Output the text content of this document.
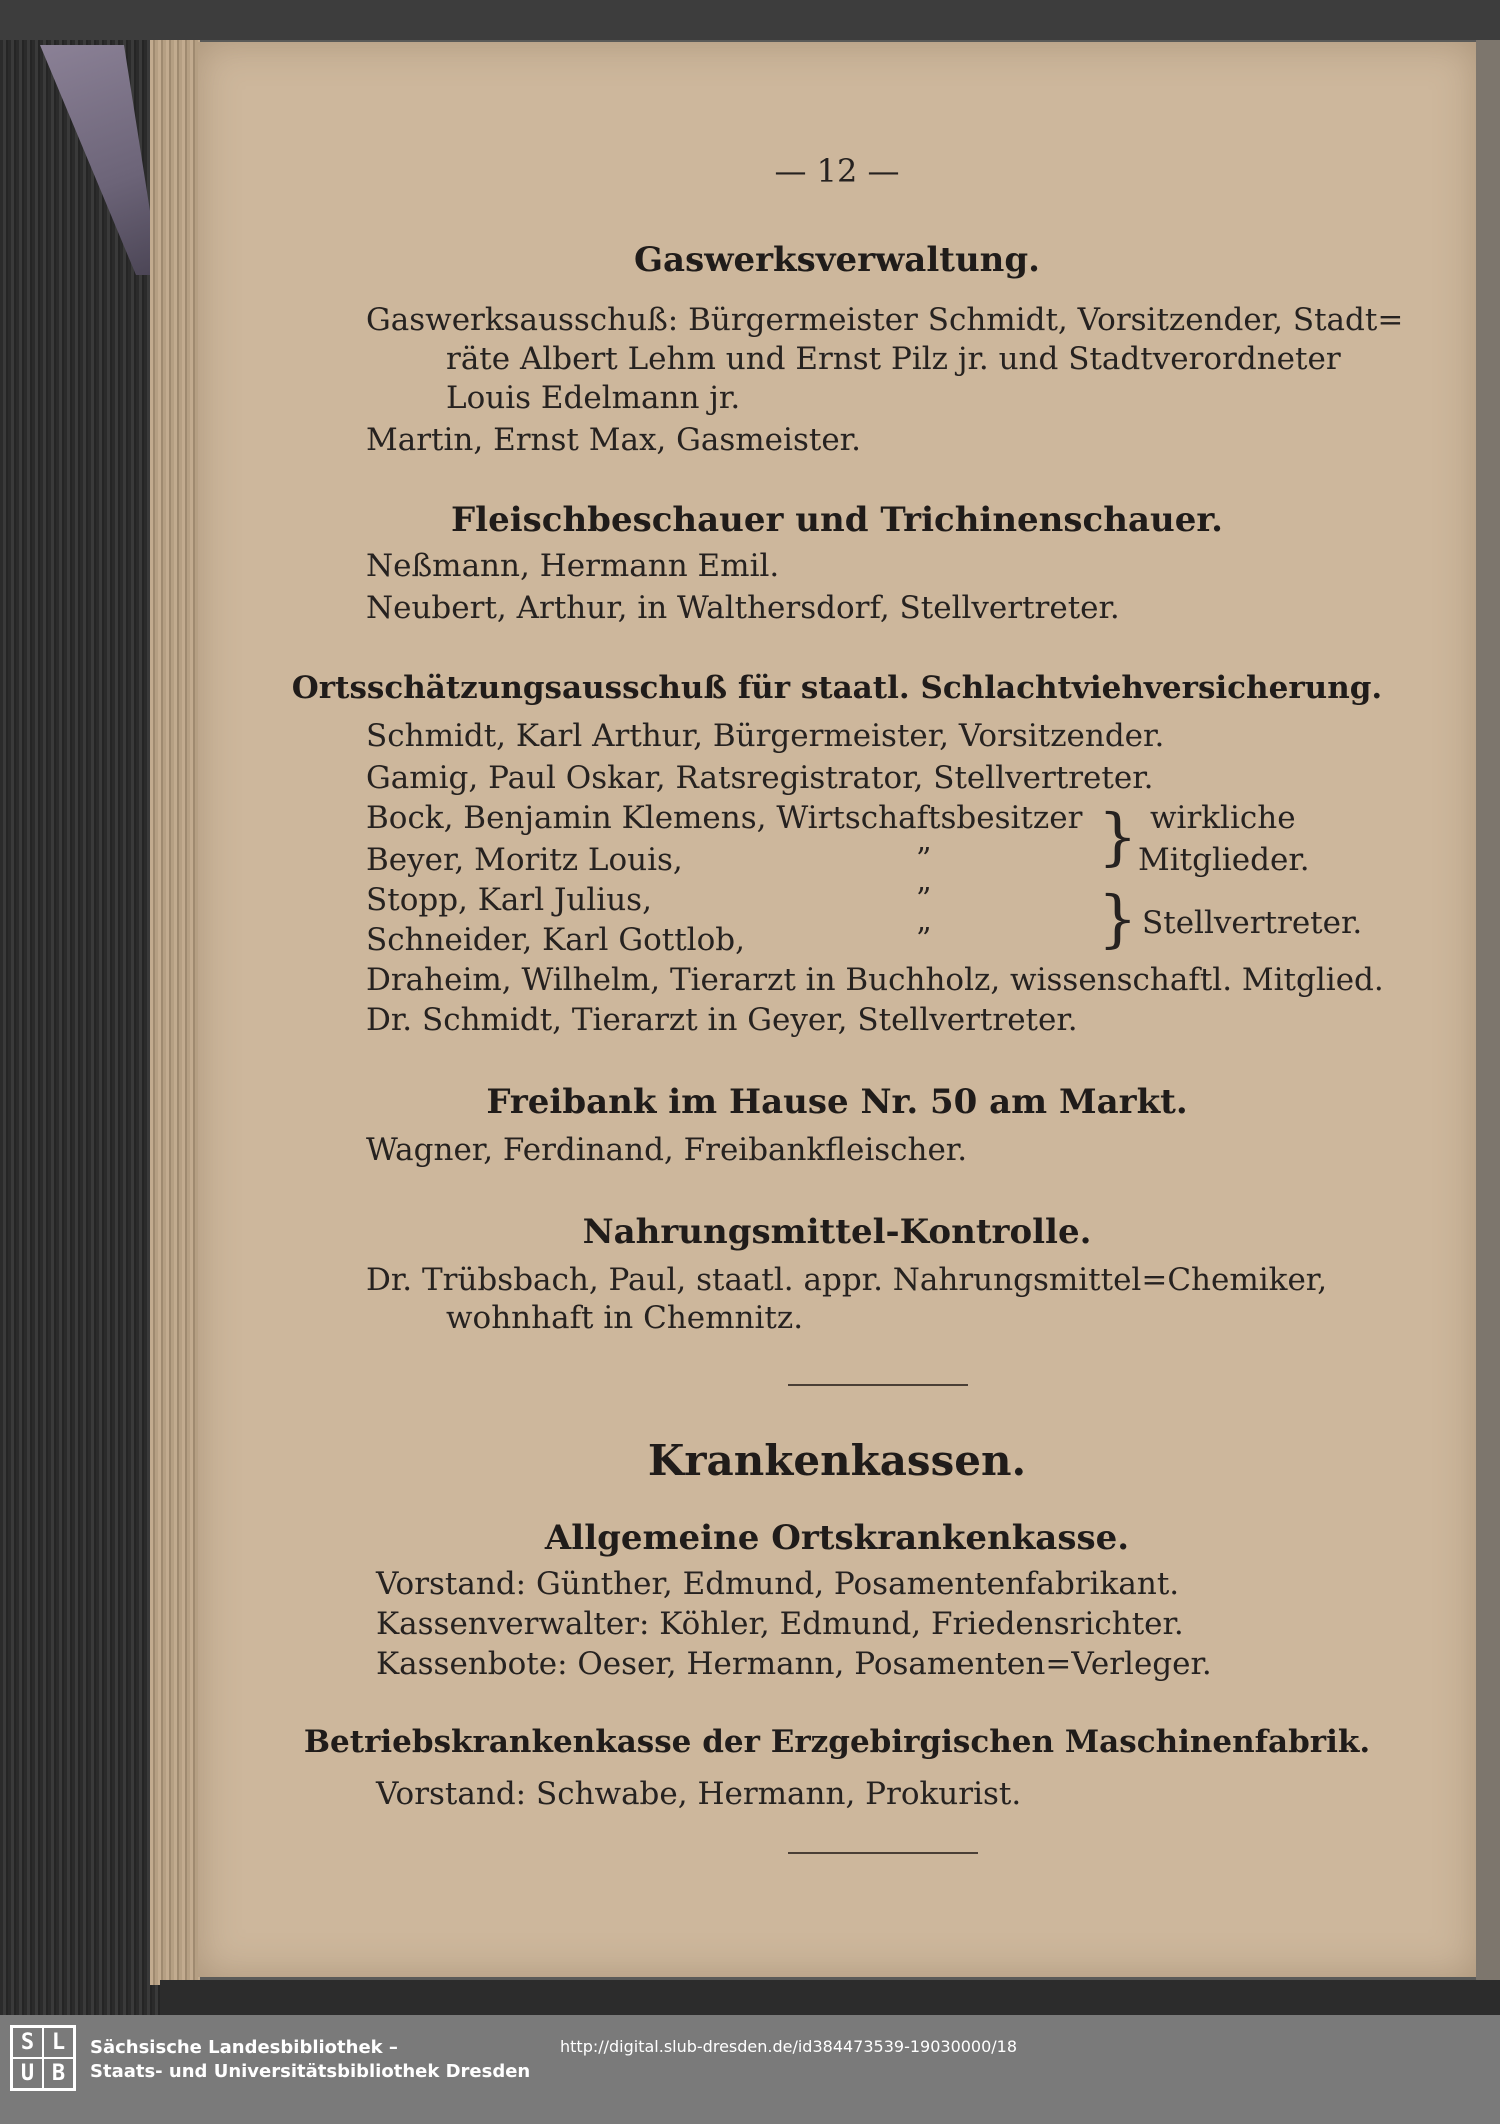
— 12 —
Gaswerksverwaltung.
Gaswerksausschuß: Bürgermeister Schmidt, Vorsitzender, Stadt=
räte Albert Lehm und Ernst Pilz jr. und Stadtverordneter
Louis Edelmann jr.
Martin, Ernst Max, Gasmeister.
Fleischbeschauer und Trichinenschauer.
Neßmann, Hermann Emil.
Neubert, Arthur, in Walthersdorf, Stellvertreter.
Ortsschätzungsausschuß für staatl. Schlachtviehversicherung.
Schmidt, Karl Arthur, Bürgermeister, Vorsitzender.
Gamig, Paul Oskar, Ratsregistrator, Stellvertreter.
Bock, Benjamin Klemens, Wirtschaftsbesitzer
Beyer, Moritz Louis,
Stopp, Karl Julius,
Schneider, Karl Gottlob,
”
”
”
} wirkliche
Mitglieder.
} Stellvertreter.
Draheim, Wilhelm, Tierarzt in Buchholz, wissenschaftl. Mitglied.
Dr. Schmidt, Tierarzt in Geyer, Stellvertreter.
Freibank im Hause Nr. 50 am Markt.
Wagner, Ferdinand, Freibankfleischer.
Nahrungsmittel-Kontrolle.
Dr. Trübsbach, Paul, staatl. appr. Nahrungsmittel=Chemiker,
wohnhaft in Chemnitz.
Krankenkassen.
Allgemeine Ortskrankenkasse.
Vorstand: Günther, Edmund, Posamentenfabrikant.
Kassenverwalter: Köhler, Edmund, Friedensrichter.
Kassenbote: Oeser, Hermann, Posamenten=Verleger.
Betriebskrankenkasse der Erzgebirgischen Maschinenfabrik.
Vorstand: Schwabe, Hermann, Prokurist.
S L
U B
Sächsische Landesbibliothek –
Staats- und Universitätsbibliothek Dresden
http://digital.slub-dresden.de/id384473539-19030000/18
